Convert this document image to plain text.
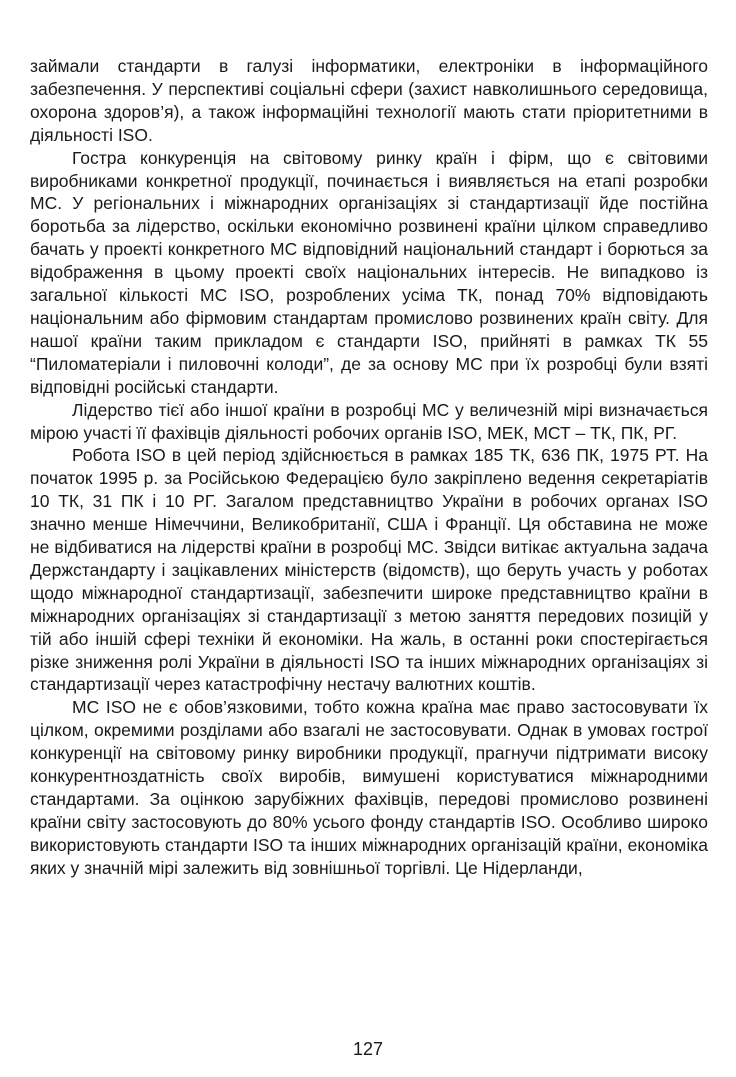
займали стандарти в галузі інформатики, електроніки в інформаційного забезпечення. У перспективі соціальні сфери (захист навколишнього середовища, охорона здоров’я), а також інформаційні технології мають стати пріоритетними в діяльності ISO.

Гостра конкуренція на світовому ринку країн і фірм, що є світовими виробниками конкретної продукції, починається і виявляється на етапі розробки МС. У регіональних і міжнародних організаціях зі стандартизації йде постійна боротьба за лідерство, оскільки економічно розвинені країни цілком справедливо бачать у проекті конкретного МС відповідний національний стандарт і борються за відображення в цьому проекті своїх національних інтересів. Не випадково із загальної кількості МС ISO, розроблених усіма ТК, понад 70% відповідають національним або фірмовим стандартам промислово розвинених країн світу. Для нашої країни таким прикладом є стандарти ISO, прийняті в рамках ТК 55 “Пиломатеріали і пиловочні колоди”, де за основу МС при їх розробці були взяті відповідні російські стандарти.

Лідерство тієї або іншої країни в розробці МС у величезній мірі визначається мірою участі її фахівців діяльності робочих органів ISO, МЕК, МСТ – ТК, ПК, РГ.

Робота ISO в цей період здійснюється в рамках 185 ТК, 636 ПК, 1975 РТ. На початок 1995 р. за Російською Федерацією було закріплено ведення секретаріатів 10 ТК, 31 ПК і 10 РГ. Загалом представництво України в робочих органах ISO значно менше Німеччини, Великобританії, США і Франції. Ця обставина не може не відбиватися на лідерстві країни в розробці МС. Звідси витікає актуальна задача Держстандарту і зацікавлених міністерств (відомств), що беруть участь у роботах щодо міжнародної стандартизації, забезпечити широке представництво країни в міжнародних організаціях зі стандартизації з метою заняття передових позицій у тій або іншій сфері техніки й економіки. На жаль, в останні роки спостерігається різке зниження ролі України в діяльності ISO та інших міжнародних організаціях зі стандартизації через катастрофічну нестачу валютних коштів.

МС ISO не є обов’язковими, тобто кожна країна має право застосовувати їх цілком, окремими розділами або взагалі не застосовувати. Однак в умовах гострої конкуренції на світовому ринку виробники продукції, прагнучи підтримати високу конкурентноздатність своїх виробів, вимушені користуватися міжнародними стандартами. За оцінкою зарубіжних фахівців, передові промислово розвинені країни світу застосовують до 80% усього фонду стандартів ISO. Особливо широко використовують стандарти ISO та інших міжнародних організацій країни, економіка яких у значній мірі залежить від зовнішньої торгівлі. Це Нідерланди,

127
